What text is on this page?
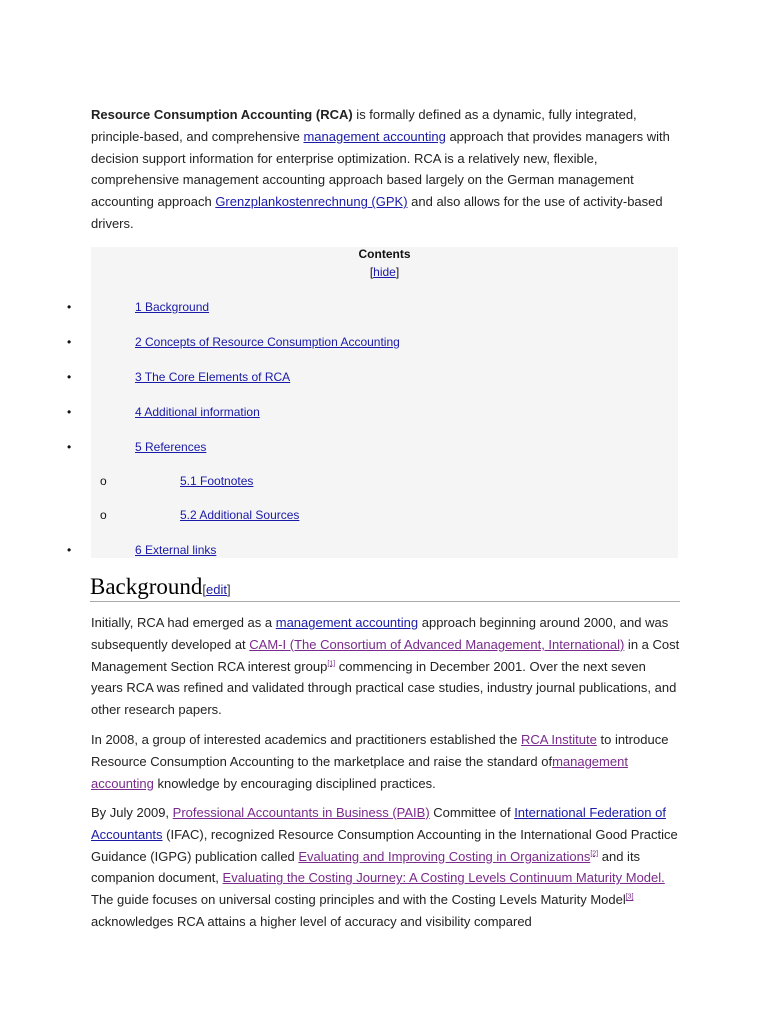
Resource Consumption Accounting (RCA) is formally defined as a dynamic, fully integrated, principle-based, and comprehensive management accounting approach that provides managers with decision support information for enterprise optimization. RCA is a relatively new, flexible, comprehensive management accounting approach based largely on the German management accounting approach Grenzplankostenrechnung (GPK) and also allows for the use of activity-based drivers.
Contents
[hide]
•	1 Background
•	2 Concepts of Resource Consumption Accounting
•	3 The Core Elements of RCA
•	4 Additional information
•	5 References
o	5.1 Footnotes
o	5.2 Additional Sources
•	6 External links
Background[edit]
Initially, RCA had emerged as a management accounting approach beginning around 2000, and was subsequently developed at CAM-I (The Consortium of Advanced Management, International) in a Cost Management Section RCA interest group[1] commencing in December 2001. Over the next seven years RCA was refined and validated through practical case studies, industry journal publications, and other research papers.
In 2008, a group of interested academics and practitioners established the RCA Institute to introduce Resource Consumption Accounting to the marketplace and raise the standard ofmanagement accounting knowledge by encouraging disciplined practices.
By July 2009, Professional Accountants in Business (PAIB) Committee of International Federation of Accountants (IFAC), recognized Resource Consumption Accounting in the International Good Practice Guidance (IGPG) publication called Evaluating and Improving Costing in Organizations[2] and its companion document, Evaluating the Costing Journey: A Costing Levels Continuum Maturity Model. The guide focuses on universal costing principles and with the Costing Levels Maturity Model[3] acknowledges RCA attains a higher level of accuracy and visibility compared
